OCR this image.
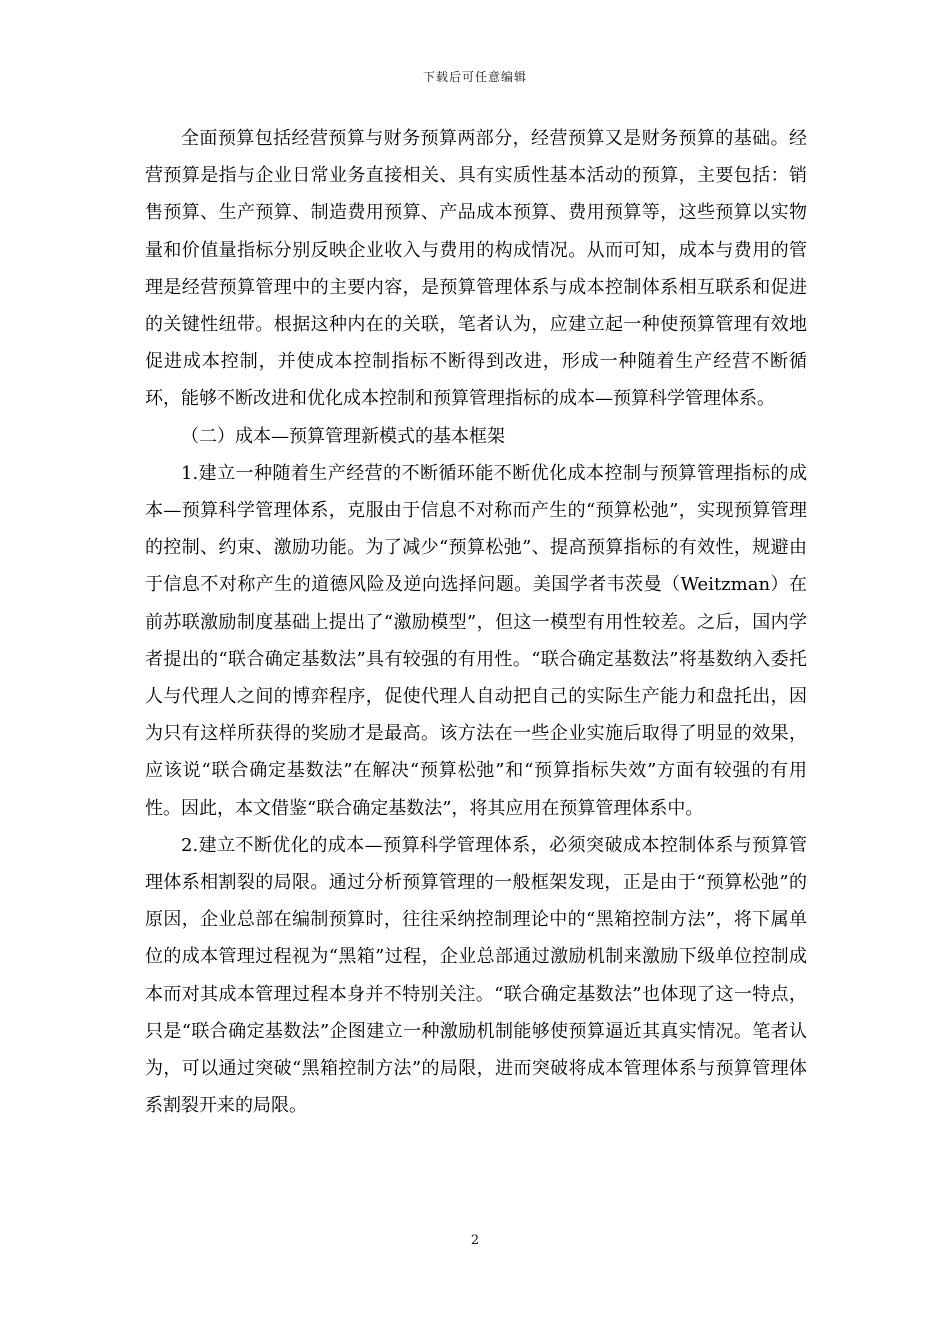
下载后可任意编辑

全面预算包括经营预算与财务预算两部分，经营预算又是财务预算的基础。经营预算是指与企业日常业务直接相关、具有实质性基本活动的预算，主要包括：销售预算、生产预算、制造费用预算、产品成本预算、费用预算等，这些预算以实物量和价值量指标分别反映企业收入与费用的构成情况。从而可知，成本与费用的管理是经营预算管理中的主要内容，是预算管理体系与成本控制体系相互联系和促进的关键性纽带。根据这种内在的关联，笔者认为，应建立起一种使预算管理有效地促进成本控制，并使成本控制指标不断得到改进，形成一种随着生产经营不断循环，能够不断改进和优化成本控制和预算管理指标的成本—预算科学管理体系。

（二）成本—预算管理新模式的基本框架

1.建立一种随着生产经营的不断循环能不断优化成本控制与预算管理指标的成本—预算科学管理体系，克服由于信息不对称而产生的“预算松弛”，实现预算管理的控制、约束、激励功能。为了减少“预算松弛”、提高预算指标的有效性，规避由于信息不对称产生的道德风险及逆向选择问题。美国学者韦茨曼（Weitzman）在前苏联激励制度基础上提出了“激励模型”，但这一模型有用性较差。之后，国内学者提出的“联合确定基数法”具有较强的有用性。“联合确定基数法”将基数纳入委托人与代理人之间的博弈程序，促使代理人自动把自己的实际生产能力和盘托出，因为只有这样所获得的奖励才是最高。该方法在一些企业实施后取得了明显的效果，应该说“联合确定基数法”在解决“预算松弛”和“预算指标失效”方面有较强的有用性。因此，本文借鉴“联合确定基数法”，将其应用在预算管理体系中。

2.建立不断优化的成本—预算科学管理体系，必须突破成本控制体系与预算管理体系相割裂的局限。通过分析预算管理的一般框架发现，正是由于“预算松弛”的原因，企业总部在编制预算时，往往采纳控制理论中的“黑箱控制方法”，将下属单位的成本管理过程视为“黑箱”过程，企业总部通过激励机制来激励下级单位控制成本而对其成本管理过程本身并不特别关注。“联合确定基数法”也体现了这一特点，只是“联合确定基数法”企图建立一种激励机制能够使预算逼近其真实情况。笔者认为，可以通过突破“黑箱控制方法”的局限，进而突破将成本管理体系与预算管理体系割裂开来的局限。

2
